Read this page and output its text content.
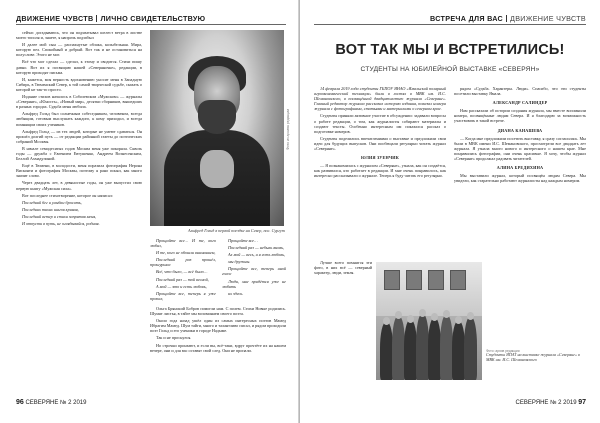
ДВИЖЕНИЕ ЧУВСТВ ЛИЧНО СВИДЕТЕЛЬСТВУЮ

сейчас догадываюсь, что он подхватывал шелест ветра в листве моего тополя и, знаете, я напрочь подзабыл

И далее мой сын — распахнутые облака, колыбельная. Мира, которую пел. Спокойный и добрый. Вот так и не остановиться на полуслове. Этого не мог.

Всё что мог сделал — сделал, к этому и сводится. Стихи пишу давно. Вот их я посвящаю нашей «Северяночке», редакции, в которую приходят письма.

И, кажется, моя верность вдохновению уносит меня в Западную Сибирь, в Тюменский Север, к той самой творческой судьбе, сказать о которой не так-то просто.

Издание стихов началось в Соболевском «Мужском» — журналы «Северяне», «Юность», «Новый мир», десятки сборников, вышедших в разных городах. Судьба меня любила.

Альфред Гольд был солнечным собеседником, человеком, всегда любящим, готовым выслушать каждого, к кому приходил, и всегда помнящим своих учеников.

Альфред Гольд — из тех людей, которые не умеют сдаваться. Он прошёл долгий путь — от редакции районной газеты до поэтических собраний Москвы.

В начале семидесятых годов Москва меня уже покоряла. Сквозь годы — дружба с Евгением Евтушенко, Андреем Вознесенским, Беллой Ахмадулиной.

Ещё в Тюмени, в молодости, меня поразила фотография Нерона Висконти и фотография Москвы, поэтому я рано понял, как много значит слово.

Через двадцать лет, в девяностые годы, он уже выпустил свою первую книгу «Мужская сила».

Вот последнее стихотворение, которое он написал:

Последний бег и улыбки бросить,

Последних тихих шагов кривая,

Последний ветер и стихи запрятав меня,

И отпусти в путь, не оглядывайся, родная.

Фото из архива редакции
Альфред Гольд в первой поездке на Север, пос. Сургут

Прощайте все… И те, кого любил,

И те, кого не обошли вниманием,

Последний раз прошёл, прошуршал

Всё, что было, — всё было…

Последний раз — той весной,

А мой — это и есть любовь,

Прощайте все, теперь я уже пропал,

Прощайте все…

Последний раз — небыль вновь,

Ах мой — весь, и я есть любовь,

мы дружны.

Прощайте все, теперь иной голос

Люди, мне придётся уже не любить

их здесь.

Ольга Брянский Бобров помогли нам. С полем. Стихи Новые родились. Шумят листья, в тайге мы вспоминаем своего поэта.

Около года назад ушёл один из самых интересных поэтов Мамед Ибрагим Мамед. Шум тайги, много и талантливо писал, и рядом проходили поэт Гольд и его ученики в городе Надыме.

Так и не проснулся.

Но строчки пронзают, и если вы, всё-таки, вдруг прочтёте их на нашем вечере, они и для вас оставят свой след. Они не пропали.

96 СЕВЕРЯНЕ № 2 2019
ВСТРЕЧА ДЛЯ ВАС ДВИЖЕНИЕ ЧУВСТВ
ВОТ ТАК МЫ И ВСТРЕТИЛИСЬ!
СТУДЕНТЫ НА ЮБИЛЕЙНОЙ ВЫСТАВКЕ «СЕВЕРЯН»

14 февраля 2019 года студенты ГБПОУ ЯНАО «Ямальский полярный агроэкономический техникум» были в гостях в МВК им. И.С. Шемановского, в посвящённой двадцатилетию журнала «Северяне». Главный редактор журнала рассказал историю издания, показал номера журнала с фотографиями, статьями и материалами о северном крае.

Студенты приняли активное участие в обсуждении: задавали вопросы о работе редакции, о том, как журналисты собирают материалы и создают тексты. Особенно интересным им показался рассказ о подготовке номеров.

Студенты поделились впечатлениями о выставке и предложили свои идеи для будущих выпусков. Они пообещали регулярно читать журнал «Северяне».

ЮЛИЯ ЗУЕНЧИК

— Я познакомилась с журналом «Северяне», узнала, как он создаётся, как развивался, кто работает в редакции. И мне очень понравилось, как интересно рассказывали о журнале. Теперь я буду читать его регулярно.

Лучше всего помнятся эти фото, в них всё — северный характер, люди, земля.

рядом «Судьба. Характеры. Люди». Спасибо, что эти студенты посетили выставку Ямала.

АЛЕКСАНДР САЛИНДЕР

Нам рассказали об истории создания журнала, мы вместе вспомнили номера, посвящённые людям Севера. И я благодарю за возможность участвовать в такой встрече.

ДИАНА КАНАШЕВА

— Когда мне предложили посетить выставку, я сразу согласилась. Мы были в МВК имени И.С. Шемановского, просмотрели все двадцать лет журнала. Я узнала много нового и интересного о нашем крае. Мне понравились фотографии, они очень красивые. Я хочу, чтобы журнал «Северяне» продолжал радовать читателей.

АЛИНА БРЕДИХИНА

Мы выставили журнал, который посвящён людям Севера. Мы увидели, как старательно работают журналисты над каждым номером.

Фото: архив редакции
Студенты ЯПАТ на выставке журнала «Северяне» в МВК им. И.С. Шемановского
СЕВЕРЯНЕ № 2 2019 97
